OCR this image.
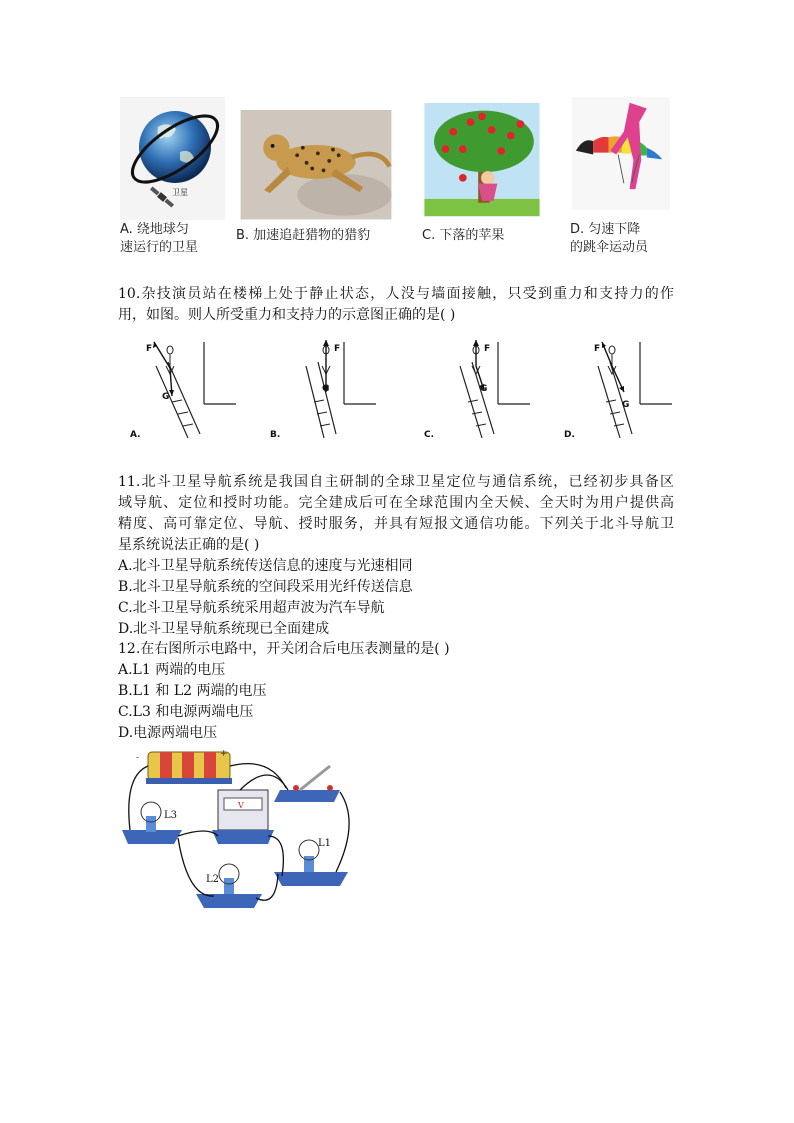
卫星
A. 绕地球匀
速运行的卫星
B. 加速追赶猎物的猎豹	C. 下落的苹果	D. 匀速下降
的跳伞运动员
10.杂技演员站在楼梯上处于静止状态，人没与墙面接触，只受到重力和支持力的作
用，如图。则人所受重力和支持力的示意图正确的是( )
F
G
A.
F
G
B.
F
G
C.
F
G
D.
11.北斗卫星导航系统是我国自主研制的全球卫星定位与通信系统，已经初步具备区
域导航、定位和授时功能。完全建成后可在全球范围内全天候、全天时为用户提供高
精度、高可靠定位、导航、授时服务，并具有短报文通信功能。下列关于北斗导航卫
星系统说法正确的是( )
A.北斗卫星导航系统传送信息的速度与光速相同
B.北斗卫星导航系统的空间段采用光纤传送信息
C.北斗卫星导航系统采用超声波为汽车导航
D.北斗卫星导航系统现已全面建成
12.在右图所示电路中，开关闭合后电压表测量的是( )
A.L1 两端的电压
B.L1 和 L2 两端的电压
C.L3 和电源两端电压
D.电源两端电压
-	+
V
L3
L1
L2
